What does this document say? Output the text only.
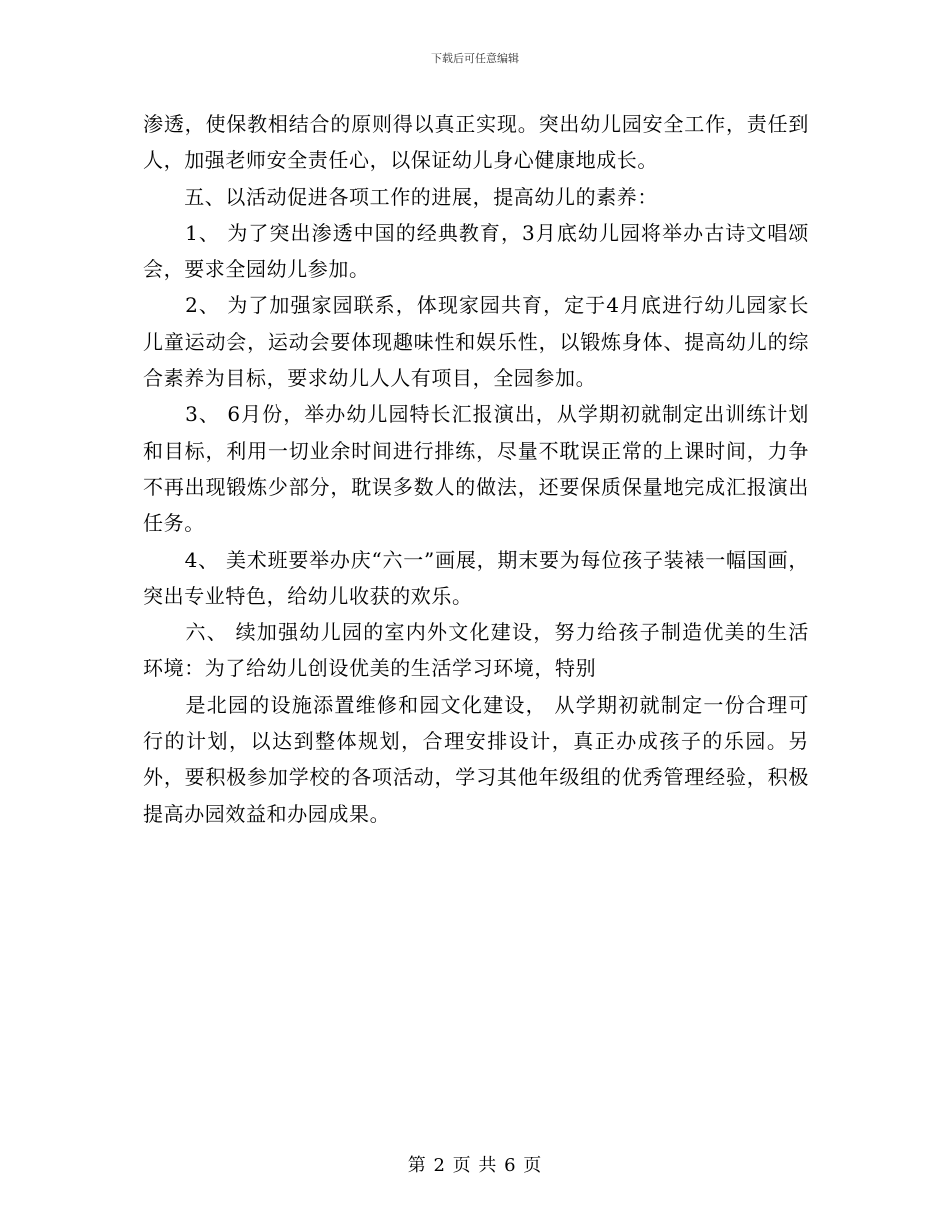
下载后可任意编辑

渗透，使保教相结合的原则得以真正实现。突出幼儿园安全工作，责任到人，加强老师安全责任心，以保证幼儿身心健康地成长。

　　五、以活动促进各项工作的进展，提高幼儿的素养：

　　1、 为了突出渗透中国的经典教育，3月底幼儿园将举办古诗文唱颂会，要求全园幼儿参加。

　　2、 为了加强家园联系，体现家园共育，定于4月底进行幼儿园家长儿童运动会，运动会要体现趣味性和娱乐性，以锻炼身体、提高幼儿的综合素养为目标，要求幼儿人人有项目，全园参加。

　　3、 6月份，举办幼儿园特长汇报演出，从学期初就制定出训练计划和目标，利用一切业余时间进行排练，尽量不耽误正常的上课时间，力争不再出现锻炼少部分，耽误多数人的做法，还要保质保量地完成汇报演出任务。

　　4、 美术班要举办庆“六一”画展，期末要为每位孩子装裱一幅国画，突出专业特色，给幼儿收获的欢乐。

　　六、 续加强幼儿园的室内外文化建设，努力给孩子制造优美的生活环境：为了给幼儿创设优美的生活学习环境，特别

　　是北园的设施添置维修和园文化建设， 从学期初就制定一份合理可行的计划，以达到整体规划，合理安排设计，真正办成孩子的乐园。另外，要积极参加学校的各项活动，学习其他年级组的优秀管理经验，积极提高办园效益和办园成果。

第 2 页 共 6 页
